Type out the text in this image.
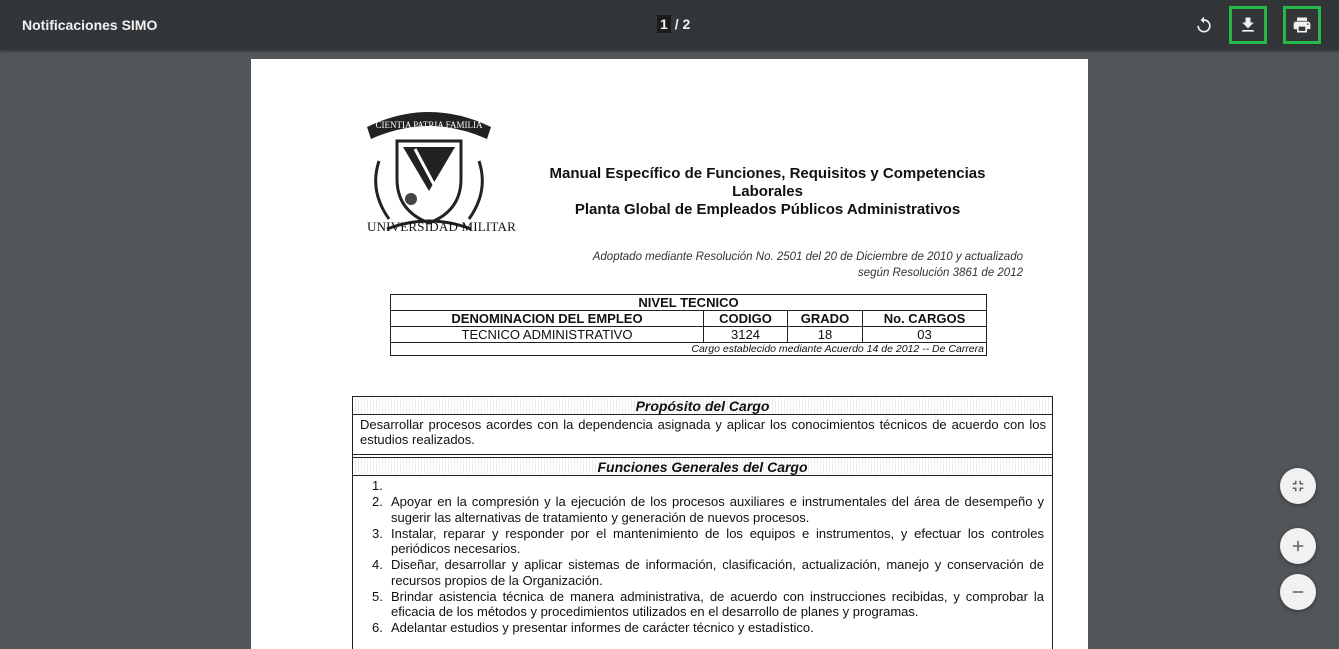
Notificaciones SIMO	1 / 2
CIENTIA PATRIA FAMILIA
UNIVERSIDAD MILITAR
Manual Específico de Funciones, Requisitos y Competencias
Laborales
Planta Global de Empleados Públicos Administrativos
Adoptado mediante Resolución No. 2501 del 20 de Diciembre de 2010 y actualizado
según Resolución 3861 de 2012
NIVEL TECNICO			
DENOMINACION DEL EMPLEO	CODIGO	GRADO	No. CARGOS
TECNICO ADMINISTRATIVO	3124	18	03
Cargo establecido mediante Acuerdo 14 de 2012 -- De Carrera			
Propósito del Cargo
Desarrollar procesos acordes con la dependencia asignada y aplicar los conocimientos técnicos de acuerdo con los estudios realizados.
Funciones Generales del Cargo
1.

2. Apoyar en la compresión y la ejecución de los procesos auxiliares e instrumentales del área de desempeño y sugerir las alternativas de tratamiento y generación de nuevos procesos.
3. Instalar, reparar y responder por el mantenimiento de los equipos e instrumentos, y efectuar los controles periódicos necesarios.
4. Diseñar, desarrollar y aplicar sistemas de información, clasificación, actualización, manejo y conservación de recursos propios de la Organización.
5. Brindar asistencia técnica de manera administrativa, de acuerdo con instrucciones recibidas, y comprobar la eficacia de los métodos y procedimientos utilizados en el desarrollo de planes y programas.
6. Adelantar estudios y presentar informes de carácter técnico y estadístico.
